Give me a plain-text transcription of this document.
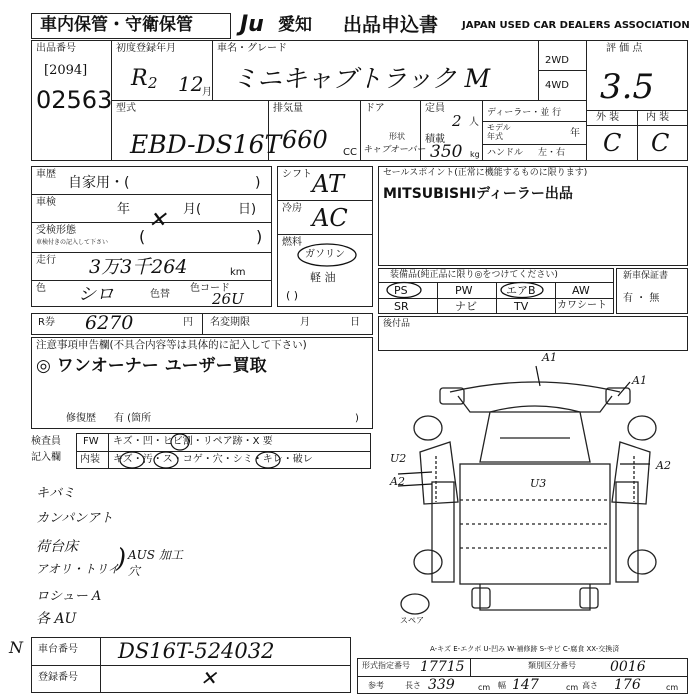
車内保管・守衛保管 Ju 愛知 出品申込書 JAPAN USED CAR DEALERS ASSOCIATION
出品番号
[2094]
02563
初度登録年月
R 2 12
月
車名・グレード
ミニキャブトラック M
2WD
4WD
評 価 点
3.5
型式
EBD-DS16T
排気量
660 CC
ドア
形状
キャブオーバー
定員
2 人
積載
350 kg
ディーラー・並 行
モデル
年式	年
ハンドル 左・右
外 装	内 装
C C
車歴
自家用・(	)
車検	年	月(	日)
✕
受検形態
車検付きの記入して下さい (	)
走行 3万3千264	km
色 シロ	色替
色コード
26U
シフト AT
冷房 AC
燃料
ガソリン
軽 油
( )
セールスポイント(正常に機能するものに限ります)
MITSUBISHIディーラー出品
装備品(純正品に限り◎をつけてください)
PS	PW	エアB	AW
SR	ナビ	TV	カワシート
新車保証書
有 ・ 無
R券 6270	円 名変期限	月	日
注意事項申告欄(不具合内容等は具体的に記入して下さい)
◎ ワンオーナー ユーザー買取
修復歴 有 (箇所	)
後付品
検査員
記入欄
FW キズ・凹・ヒビ割・リペア跡・X 要
内装 キズ・汚・ス・コゲ・穴・シミ・キレ・破レ
キバミ
カンパンアト
荷台床
アオリ・トリイ
ロシュー A
各 AU
) AUS 加工穴
A1
A1
A2
U2
A2	U3
スペア
N 車台番号 DS16T-524032
登録番号	✕
A-キズ E-エクボ U-凹み W-補修跡 S-サビ C-腐食 XX-交換済
形式指定番号 17715	類別区分番号 0016
参考	長さ 339	cm 幅 147	cm 高さ 176	cm
